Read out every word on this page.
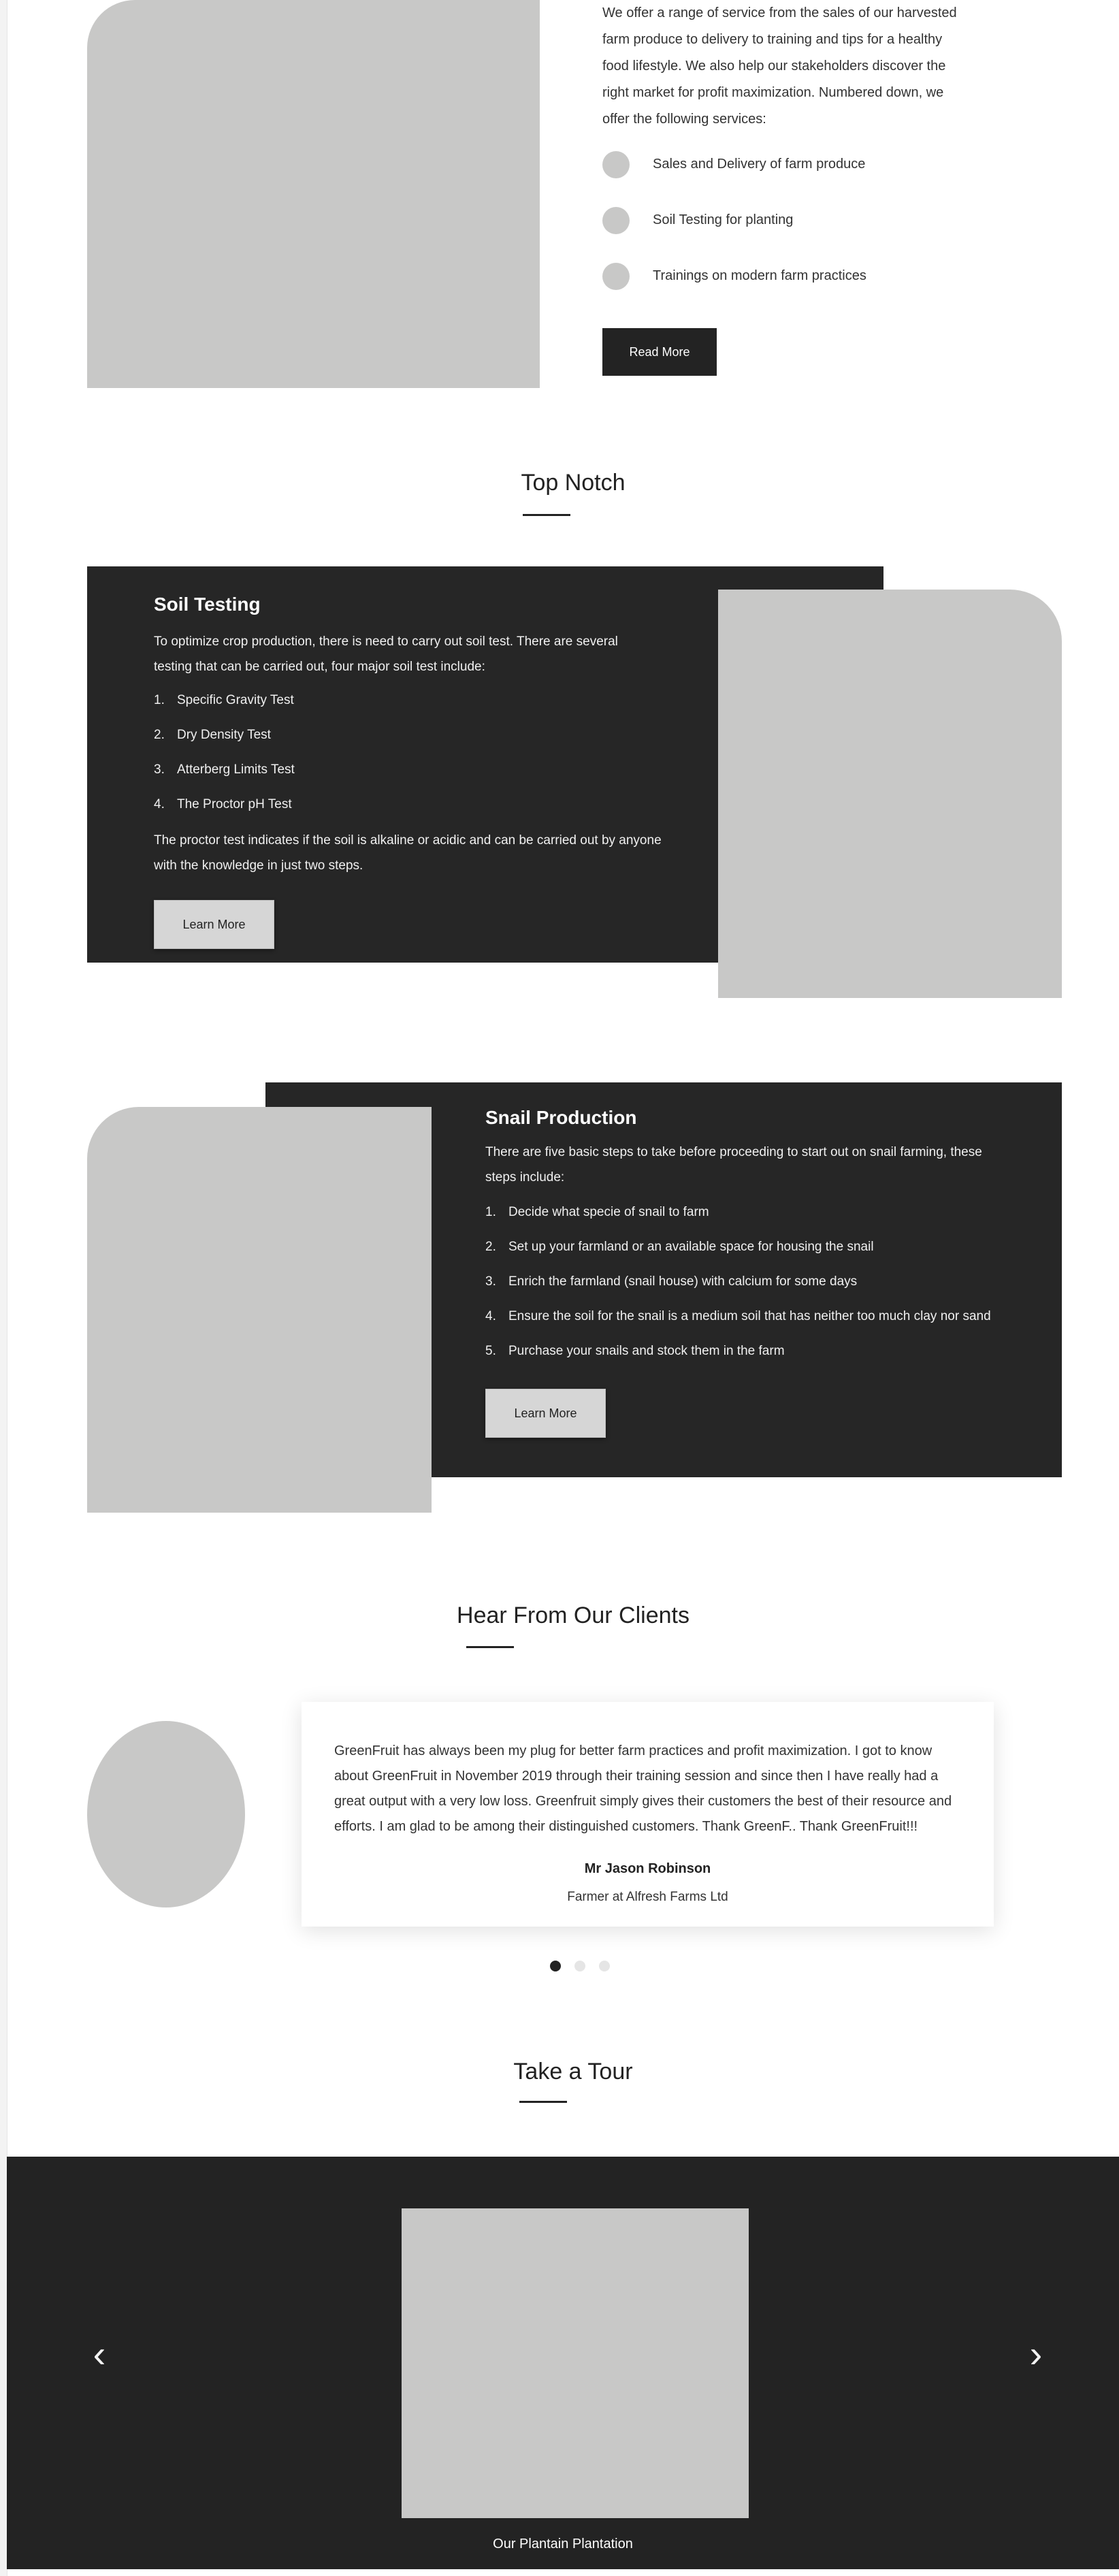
We offer a range of service from the sales of our harvested farm produce to delivery to training and tips for a healthy food lifestyle. We also help our stakeholders discover the right market for profit maximization. Numbered down, we offer the following services:
Sales and Delivery of farm produce
Soil Testing for planting
Trainings on modern farm practices
Read More
Top Notch
Soil Testing
To optimize crop production, there is need to carry out soil test. There are several testing that can be carried out, four major soil test include:
1. Specific Gravity Test
2. Dry Density Test
3. Atterberg Limits Test
4. The Proctor pH Test
The proctor test indicates if the soil is alkaline or acidic and can be carried out by anyone with the knowledge in just two steps.
Learn More
Snail Production
There are five basic steps to take before proceeding to start out on snail farming, these steps include:
1. Decide what specie of snail to farm
2. Set up your farmland or an available space for housing the snail
3. Enrich the farmland (snail house) with calcium for some days
4. Ensure the soil for the snail is a medium soil that has neither too much clay nor sand
5. Purchase your snails and stock them in the farm
Learn More
Hear From Our Clients
GreenFruit has always been my plug for better farm practices and profit maximization. I got to know about GreenFruit in November 2019 through their training session and since then I have really had a great output with a very low loss. Greenfruit simply gives their customers the best of their resource and efforts. I am glad to be among their distinguished customers. Thank GreenF.. Thank GreenFruit!!!
Mr Jason Robinson
Farmer at Alfresh Farms Ltd
Take a Tour
‹	›
Our Plantain Plantation
